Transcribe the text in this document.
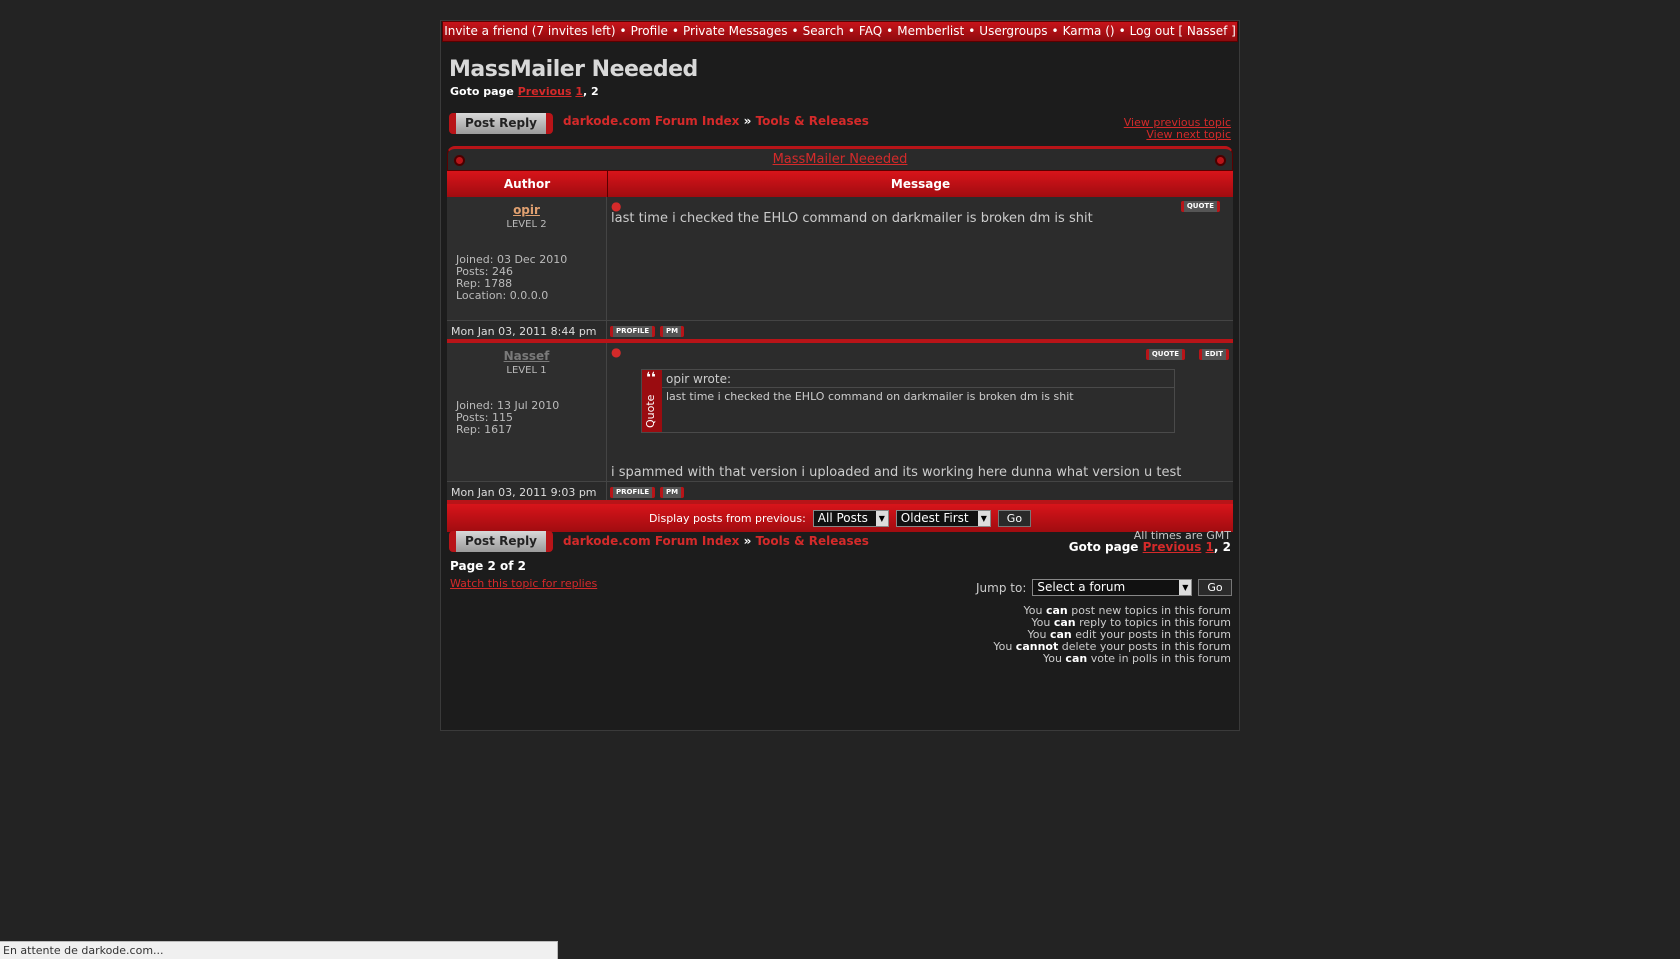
Invite a friend (7 invites left) • Profile • Private Messages • Search • FAQ • Memberlist • Usergroups • Karma () • Log out [ Nassef ]
MassMailer Neeeded
Goto page Previous 1, 2
Post Reply	darkode.com Forum Index » Tools & Releases	View previous topic
View next topic
MassMailer Neeeded
Author	Message
opir
LEVEL 2
Joined: 03 Dec 2010
Posts: 246
Rep: 1788
Location: 0.0.0.0
●	QUOTE
last time i checked the EHLO command on darkmailer is broken dm is shit
Mon Jan 03, 2011 8:44 pm	PROFILE	PM
Nassef
LEVEL 1
Joined: 13 Jul 2010
Posts: 115
Rep: 1617
●	QUOTE	EDIT
❛❛
Quote
opir wrote:
last time i checked the EHLO command on darkmailer is broken dm is shit
i spammed with that version i uploaded and its working here dunna what version u test
Mon Jan 03, 2011 9:03 pm	PROFILE	PM
Display posts from previous:	All Posts	▼	Oldest First	▼	Go
Post Reply	darkode.com Forum Index » Tools & Releases	All times are GMT
Goto page Previous 1, 2
Page 2 of 2
Watch this topic for replies	Jump to: Select a forum	▼	Go
You can post new topics in this forum
You can reply to topics in this forum
You can edit your posts in this forum
You cannot delete your posts in this forum
You can vote in polls in this forum
En attente de darkode.com...
